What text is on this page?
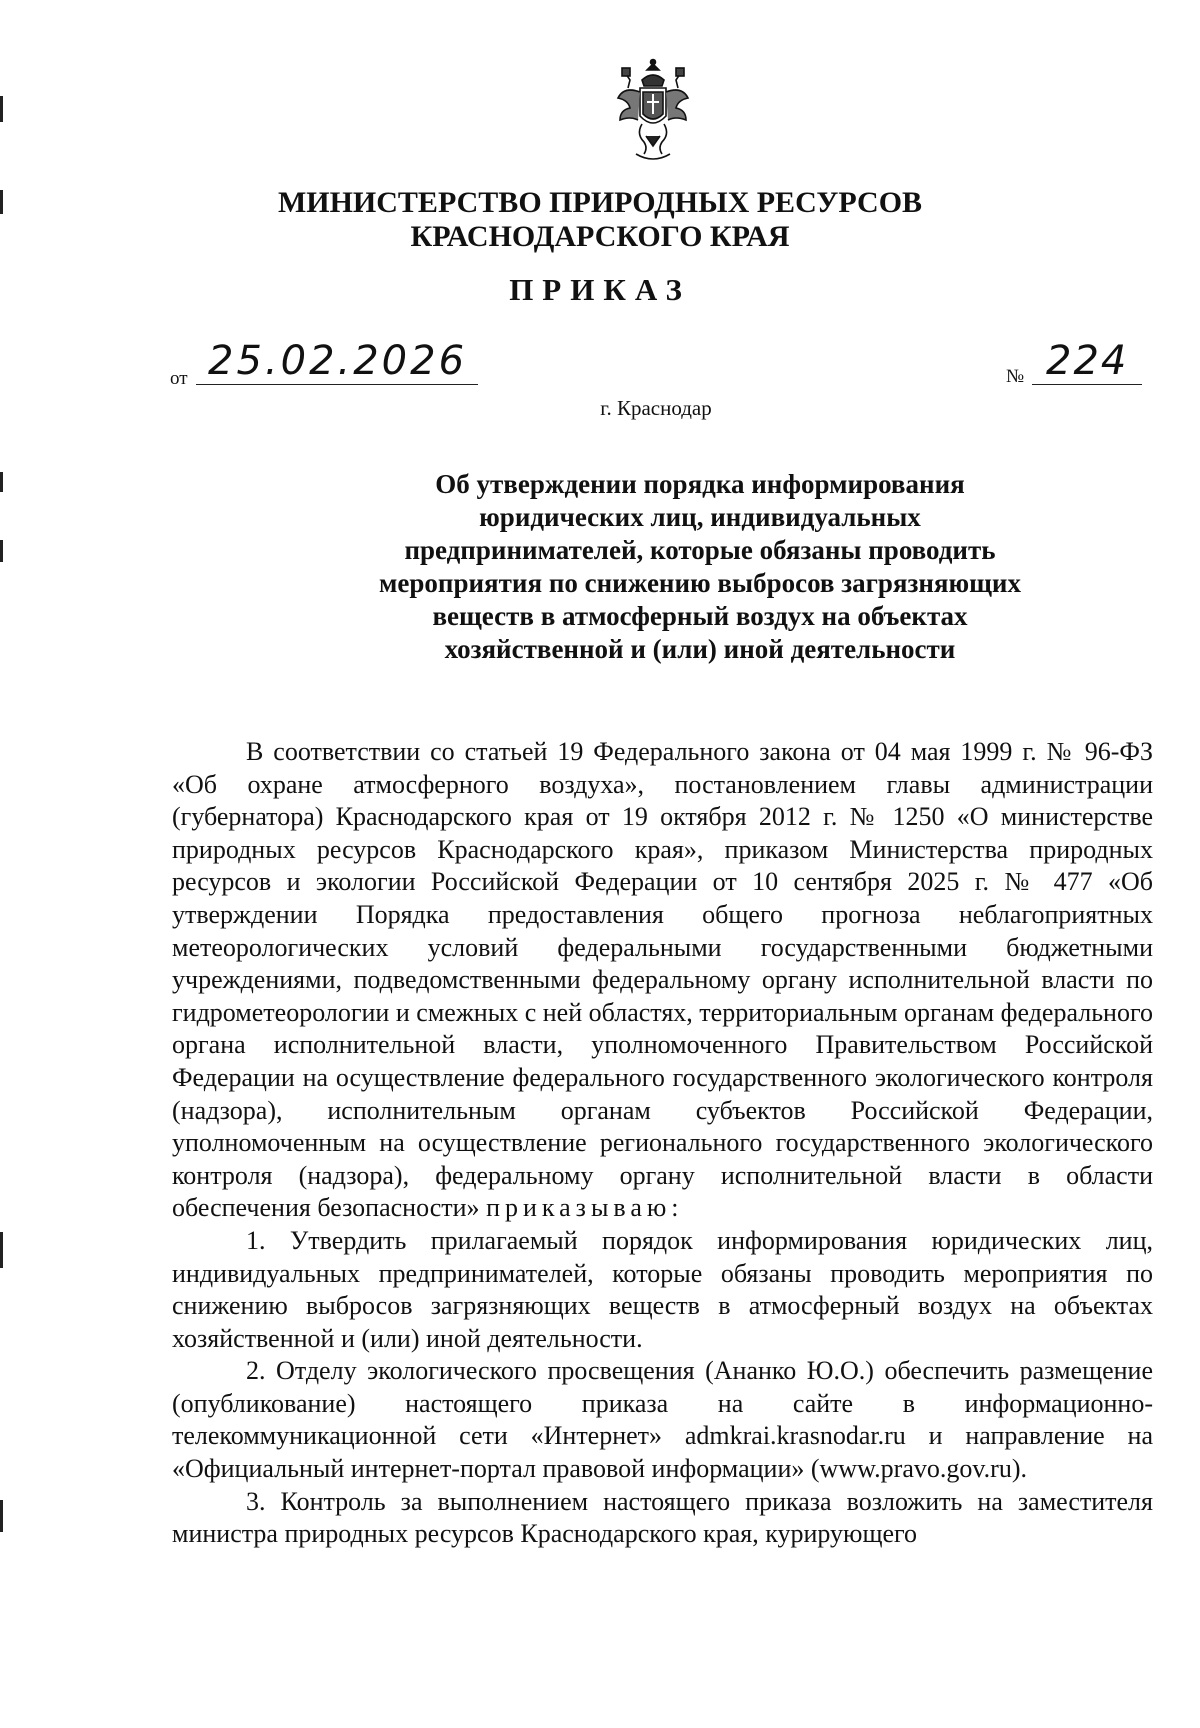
МИНИСТЕРСТВО ПРИРОДНЫХ РЕСУРСОВ
КРАСНОДАРСКОГО КРАЯ
ПРИКАЗ
от 25.02.2026	№ 224
г. Краснодар
Об утверждении порядка информирования
юридических лиц, индивидуальных
предпринимателей, которые обязаны проводить
мероприятия по снижению выбросов загрязняющих
веществ в атмосферный воздух на объектах
хозяйственной и (или) иной деятельности

В соответствии со статьей 19 Федерального закона от 04 мая 1999 г. № 96-ФЗ «Об охране атмосферного воздуха», постановлением главы администрации (губернатора) Краснодарского края от 19 октября 2012 г. № 1250 «О министерстве природных ресурсов Краснодарского края», приказом Министерства природных ресурсов и экологии Российской Федерации от 10 сентября 2025 г. № 477 «Об утверждении Порядка предоставления общего прогноза неблагоприятных метеорологических условий федеральными государственными бюджетными учреждениями, подведомственными федеральному органу исполнительной власти по гидрометеорологии и смежных с ней областях, территориальным органам федерального органа исполнительной власти, уполномоченного Правительством Российской Федерации на осуществление федерального государственного экологического контроля (надзора), исполнительным органам субъектов Российской Федерации, уполномоченным на осуществление регионального государственного экологического контроля (надзора), федеральному органу исполнительной власти в области обеспечения безопасности» приказываю:

1. Утвердить прилагаемый порядок информирования юридических лиц, индивидуальных предпринимателей, которые обязаны проводить мероприятия по снижению выбросов загрязняющих веществ в атмосферный воздух на объектах хозяйственной и (или) иной деятельности.

2. Отделу экологического просвещения (Ананко Ю.О.) обеспечить размещение (опубликование) настоящего приказа на сайте в информационно-телекоммуникационной сети «Интернет» admkrai.krasnodar.ru и направление на «Официальный интернет-портал правовой информации» (www.pravo.gov.ru).

3. Контроль за выполнением настоящего приказа возложить на заместителя министра природных ресурсов Краснодарского края, курирующего
